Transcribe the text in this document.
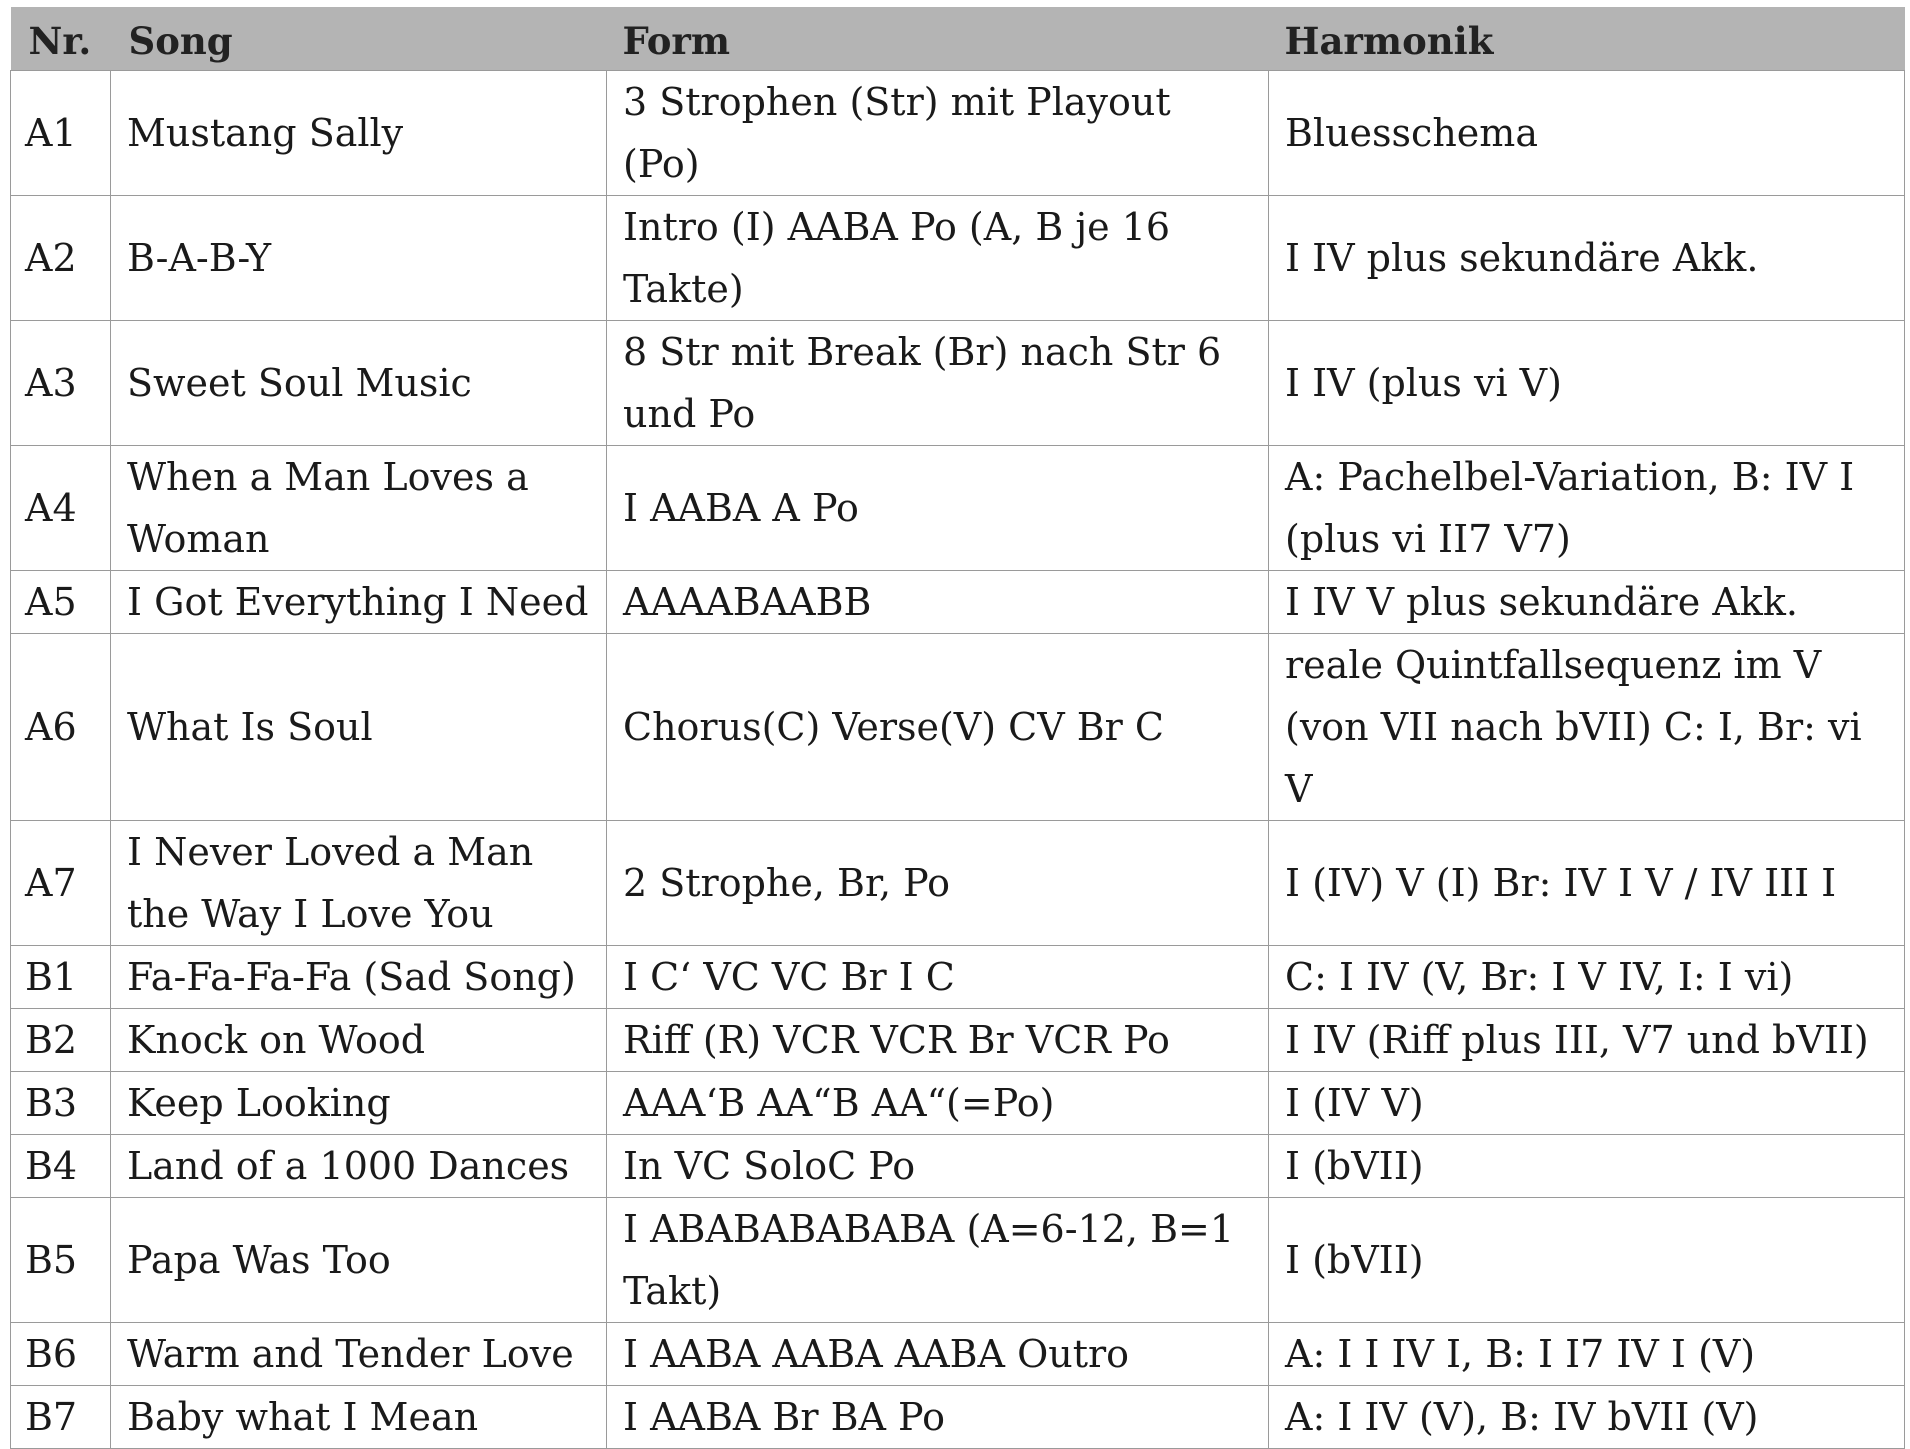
Nr.	Song	Form	Harmonik
A1	Mustang Sally	3 Strophen (Str) mit Playout (Po)	Bluesschema
A2	B-A-B-Y	Intro (I) AABA Po (A, B je 16 Takte)	I IV plus sekundäre Akk.
A3	Sweet Soul Music	8 Str mit Break (Br) nach Str 6 und Po	I IV (plus vi V)
A4	When a Man Loves a Woman	I AABA A Po	A: Pachelbel-Variation, B: IV I (plus vi II7 V7)
A5	I Got Everything I Need	AAAABAABB	I IV V plus sekundäre Akk.
A6	What Is Soul	Chorus(C) Verse(V) CV Br C	reale Quintfallsequenz im V (von VII nach bVII) C: I, Br: vi V
A7	I Never Loved a Man the Way I Love You	2 Strophe, Br, Po	I (IV) V (I) Br: IV I V / IV III I
B1	Fa-Fa-Fa-Fa (Sad Song)	I C‘ VC VC Br I C	C: I IV (V, Br: I V IV, I: I vi)
B2	Knock on Wood	Riff (R) VCR VCR Br VCR Po	I IV (Riff plus III, V7 und bVII)
B3	Keep Looking	AAA‘B AA“B AA“(=Po)	I (IV V)
B4	Land of a 1000 Dances	In VC SoloC Po	I (bVII)
B5	Papa Was Too	I ABABABABABA (A=6-12, B=1 Takt)	I (bVII)
B6	Warm and Tender Love	I AABA AABA AABA Outro	A: I I IV I, B: I I7 IV I (V)
B7	Baby what I Mean	I AABA Br BA Po	A: I IV (V), B: IV bVII (V)
